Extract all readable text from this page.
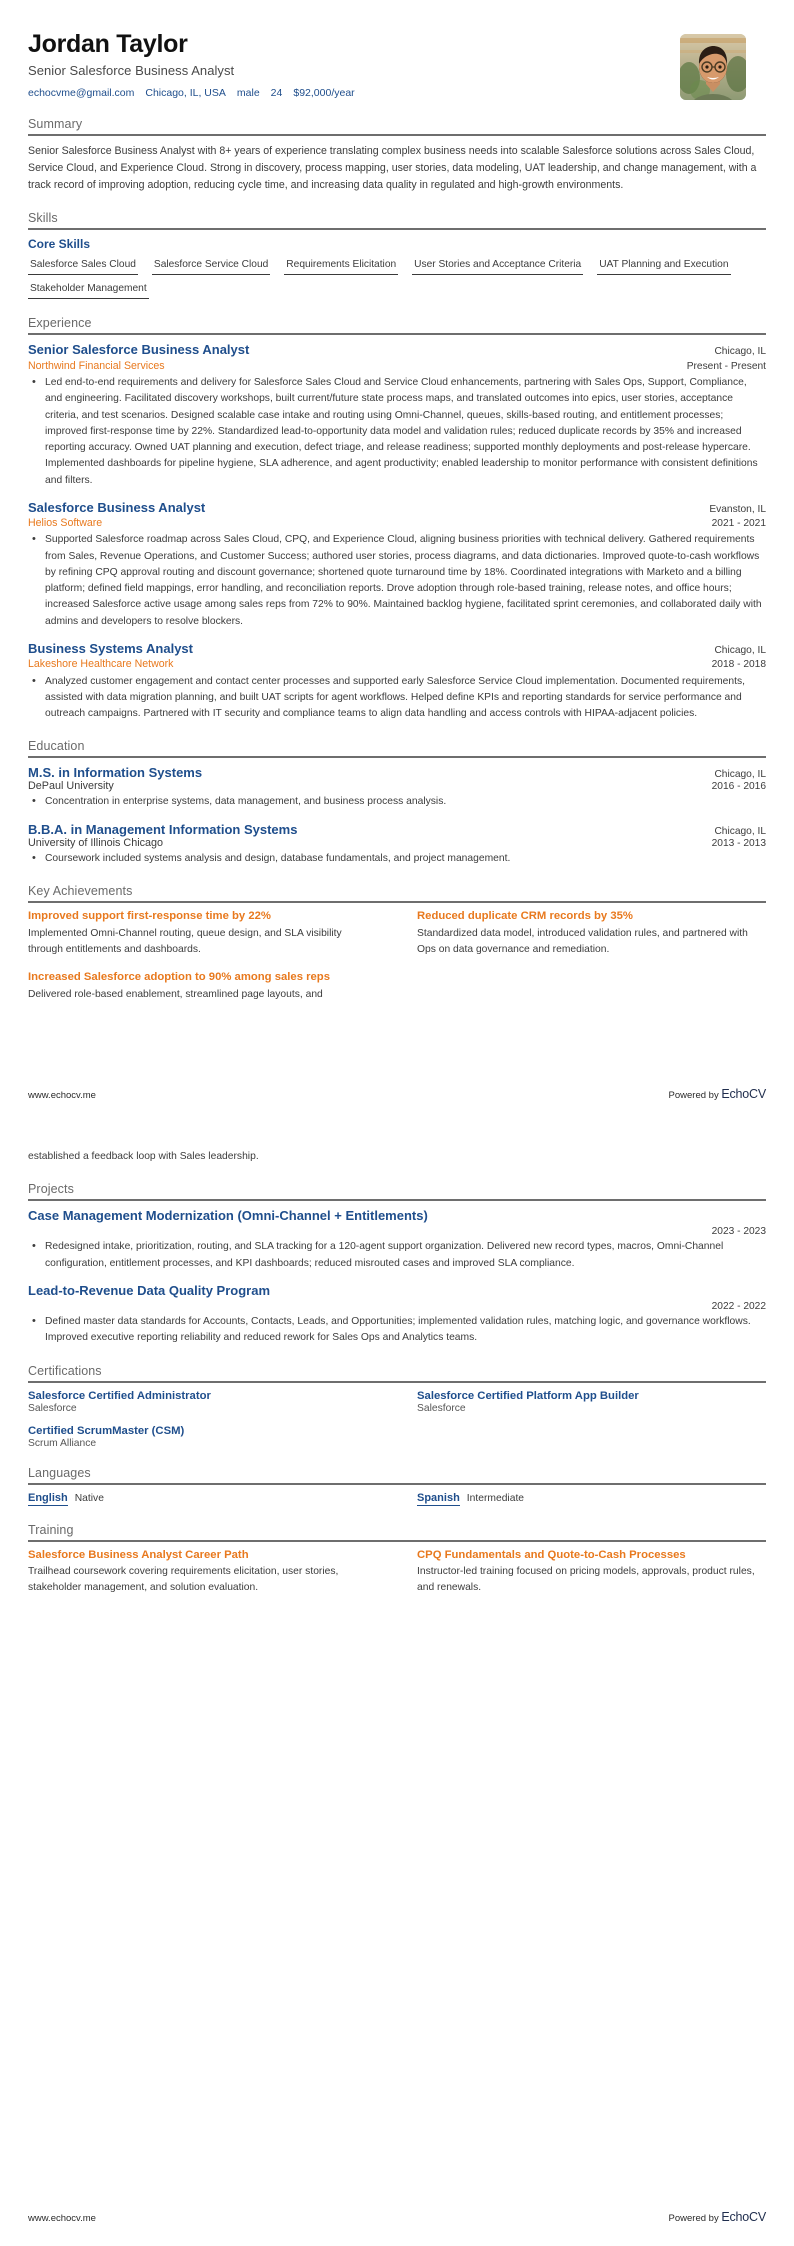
Jordan Taylor
Senior Salesforce Business Analyst
echocvme@gmail.com Chicago, IL, USA male 24 $92,000/year
Summary
Senior Salesforce Business Analyst with 8+ years of experience translating complex business needs into scalable Salesforce solutions across Sales Cloud, Service Cloud, and Experience Cloud. Strong in discovery, process mapping, user stories, data modeling, UAT leadership, and change management, with a track record of improving adoption, reducing cycle time, and increasing data quality in regulated and high-growth environments.
Skills
Core Skills
Salesforce Sales Cloud Salesforce Service Cloud Requirements Elicitation User Stories and Acceptance Criteria UAT Planning and Execution
Stakeholder Management
Experience
Senior Salesforce Business Analyst	Chicago, IL
Northwind Financial Services	Present - Present
• Led end-to-end requirements and delivery for Salesforce Sales Cloud and Service Cloud enhancements, partnering with Sales Ops, Support, Compliance, and engineering. Facilitated discovery workshops, built current/future state process maps, and translated outcomes into epics, user stories, acceptance criteria, and test scenarios. Designed scalable case intake and routing using Omni-Channel, queues, skills-based routing, and entitlement processes; improved first-response time by 22%. Standardized lead-to-opportunity data model and validation rules; reduced duplicate records by 35% and increased reporting accuracy. Owned UAT planning and execution, defect triage, and release readiness; supported monthly deployments and post-release hypercare. Implemented dashboards for pipeline hygiene, SLA adherence, and agent productivity; enabled leadership to monitor performance with consistent definitions and filters.
Salesforce Business Analyst	Evanston, IL
Helios Software	2021 - 2021
• Supported Salesforce roadmap across Sales Cloud, CPQ, and Experience Cloud, aligning business priorities with technical delivery. Gathered requirements from Sales, Revenue Operations, and Customer Success; authored user stories, process diagrams, and data dictionaries. Improved quote-to-cash workflows by refining CPQ approval routing and discount governance; shortened quote turnaround time by 18%. Coordinated integrations with Marketo and a billing platform; defined field mappings, error handling, and reconciliation reports. Drove adoption through role-based training, release notes, and office hours; increased Salesforce active usage among sales reps from 72% to 90%. Maintained backlog hygiene, facilitated sprint ceremonies, and collaborated daily with admins and developers to resolve blockers.
Business Systems Analyst	Chicago, IL
Lakeshore Healthcare Network	2018 - 2018
• Analyzed customer engagement and contact center processes and supported early Salesforce Service Cloud implementation. Documented requirements, assisted with data migration planning, and built UAT scripts for agent workflows. Helped define KPIs and reporting standards for service performance and outreach campaigns. Partnered with IT security and compliance teams to align data handling and access controls with HIPAA-adjacent policies.
Education
M.S. in Information Systems	Chicago, IL
DePaul University	2016 - 2016
• Concentration in enterprise systems, data management, and business process analysis.
B.B.A. in Management Information Systems	Chicago, IL
University of Illinois Chicago	2013 - 2013
• Coursework included systems analysis and design, database fundamentals, and project management.
Key Achievements
Improved support first-response time by 22%
Implemented Omni-Channel routing, queue design, and SLA visibility through entitlements and dashboards.
Reduced duplicate CRM records by 35%
Standardized data model, introduced validation rules, and partnered with Ops on data governance and remediation.
Increased Salesforce adoption to 90% among sales reps
Delivered role-based enablement, streamlined page layouts, and
www.echocv.me	Powered by EchoCV
established a feedback loop with Sales leadership.
Projects
Case Management Modernization (Omni-Channel + Entitlements)
2023 - 2023
• Redesigned intake, prioritization, routing, and SLA tracking for a 120-agent support organization. Delivered new record types, macros, Omni-Channel configuration, entitlement processes, and KPI dashboards; reduced misrouted cases and improved SLA compliance.
Lead-to-Revenue Data Quality Program
2022 - 2022
• Defined master data standards for Accounts, Contacts, Leads, and Opportunities; implemented validation rules, matching logic, and governance workflows. Improved executive reporting reliability and reduced rework for Sales Ops and Analytics teams.
Certifications
Salesforce Certified Administrator
Salesforce
Salesforce Certified Platform App Builder
Salesforce
Certified ScrumMaster (CSM)
Scrum Alliance
Languages
English Native	Spanish Intermediate
Training
Salesforce Business Analyst Career Path
Trailhead coursework covering requirements elicitation, user stories, stakeholder management, and solution evaluation.
CPQ Fundamentals and Quote-to-Cash Processes
Instructor-led training focused on pricing models, approvals, product rules, and renewals.
www.echocv.me	Powered by EchoCV
